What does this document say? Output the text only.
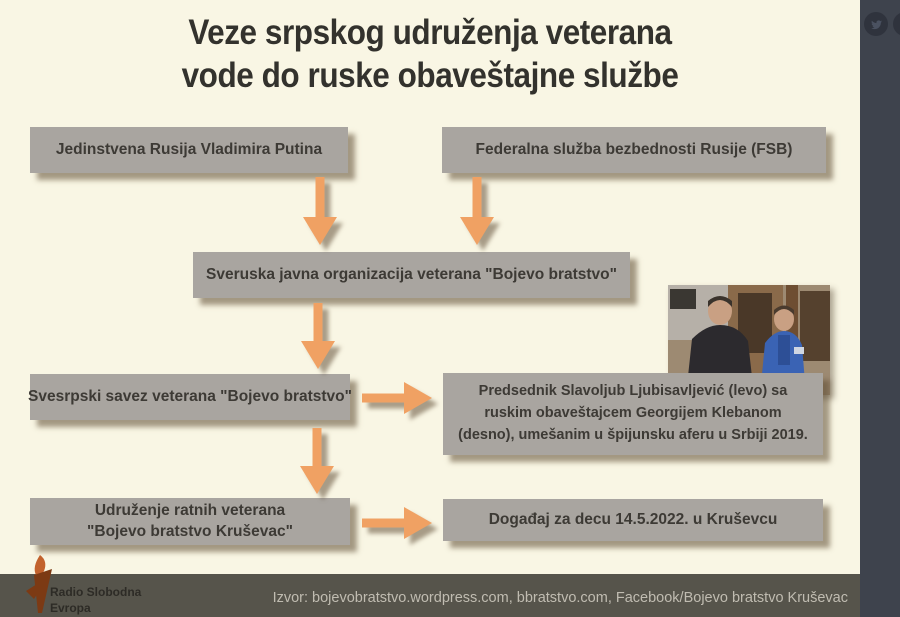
Veze srpskog udruženja veterana
vode do ruske obaveštajne službe
Jedinstvena Rusija Vladimira Putina	Federalna služba bezbednosti Rusije (FSB)
Sveruska javna organizacija veterana "Bojevo bratstvo"
Svesrpski savez veterana "Bojevo bratstvo"	Predsednik Slavoljub Ljubisavljević (levo) sa ruskim obaveštajcem Georgijem Klebanom (desno), umešanim u špijunsku aferu u Srbiji 2019.
Udruženje ratnih veterana
"Bojevo bratstvo Kruševac"
Događaj za decu 14.5.2022. u Kruševcu
Izvor: bojevobratstvo.wordpress.com, bbratstvo.com, Facebook/Bojevo bratstvo Kruševac
Radio Slobodna
Evropa
